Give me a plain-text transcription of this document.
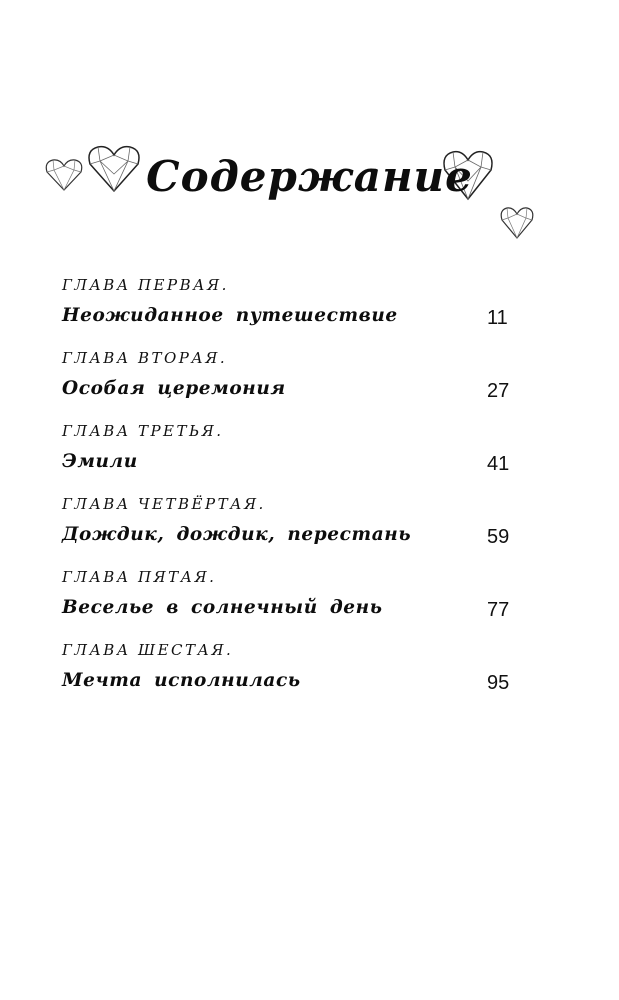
Содержание
ГЛАВА ПЕРВАЯ.
Неожиданное путешествие	11
ГЛАВА ВТОРАЯ.
Особая церемония	27
ГЛАВА ТРЕТЬЯ.
Эмили	41
ГЛАВА ЧЕТВЁРТАЯ.
Дождик, дождик, перестань	59
ГЛАВА ПЯТАЯ.
Веселье в солнечный день	77
ГЛАВА ШЕСТАЯ.
Мечта исполнилась	95
